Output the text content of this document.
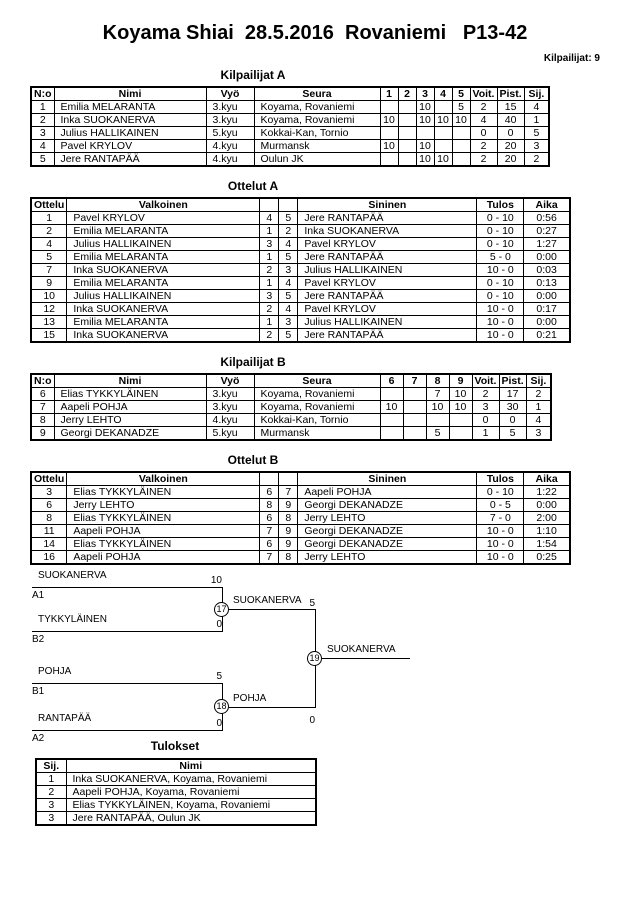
Koyama Shiai  28.5.2016  Rovaniemi   P13-42
Kilpailijat: 9
Kilpailijat A
N:o	Nimi	Vyö	Seura	1	2	3	4	5	Voit.	Pist.	Sij.
1	Emilia MELARANTA	3.kyu	Koyama, Rovaniemi			10		5	2	15	4
2	Inka SUOKANERVA	3.kyu	Koyama, Rovaniemi	10		10	10	10	4	40	1
3	Julius HALLIKAINEN	5.kyu	Kokkai-Kan, Tornio						0	0	5
4	Pavel KRYLOV	4.kyu	Murmansk	10		10			2	20	3
5	Jere RANTAPÄÄ	4.kyu	Oulun JK			10	10		2	20	2
Ottelut A
Ottelu	Valkoinen			Sininen	Tulos	Aika
1	Pavel KRYLOV	4	5	Jere RANTAPÄÄ	0 - 10	0:56
2	Emilia MELARANTA	1	2	Inka SUOKANERVA	0 - 10	0:27
4	Julius HALLIKAINEN	3	4	Pavel KRYLOV	0 - 10	1:27
5	Emilia MELARANTA	1	5	Jere RANTAPÄÄ	5 - 0	0:00
7	Inka SUOKANERVA	2	3	Julius HALLIKAINEN	10 - 0	0:03
9	Emilia MELARANTA	1	4	Pavel KRYLOV	0 - 10	0:13
10	Julius HALLIKAINEN	3	5	Jere RANTAPÄÄ	0 - 10	0:00
12	Inka SUOKANERVA	2	4	Pavel KRYLOV	10 - 0	0:17
13	Emilia MELARANTA	1	3	Julius HALLIKAINEN	10 - 0	0:00
15	Inka SUOKANERVA	2	5	Jere RANTAPÄÄ	10 - 0	0:21
Kilpailijat B
N:o	Nimi	Vyö	Seura	6	7	8	9	Voit.	Pist.	Sij.
6	Elias TYKKYLÄINEN	3.kyu	Koyama, Rovaniemi			7	10	2	17	2
7	Aapeli POHJA	3.kyu	Koyama, Rovaniemi	10		10	10	3	30	1
8	Jerry LEHTO	4.kyu	Kokkai-Kan, Tornio					0	0	4
9	Georgi DEKANADZE	5.kyu	Murmansk			5		1	5	3
Ottelut B
Ottelu	Valkoinen			Sininen	Tulos	Aika
3	Elias TYKKYLÄINEN	6	7	Aapeli POHJA	0 - 10	1:22
6	Jerry LEHTO	8	9	Georgi DEKANADZE	0 - 5	0:00
8	Elias TYKKYLÄINEN	6	8	Jerry LEHTO	7 - 0	2:00
11	Aapeli POHJA	7	9	Georgi DEKANADZE	10 - 0	1:10
14	Elias TYKKYLÄINEN	6	9	Georgi DEKANADZE	10 - 0	1:54
16	Aapeli POHJA	7	8	Jerry LEHTO	10 - 0	0:25
SUOKANERVA
A1
10
TYKKYLÄINEN
B2
0
17
SUOKANERVA 5
POHJA
B1
5
RANTAPÄÄ
A2
0
18
POHJA
0
19
SUOKANERVA
Tulokset
Sij.	Nimi
1	Inka SUOKANERVA, Koyama, Rovaniemi
2	Aapeli POHJA, Koyama, Rovaniemi
3	Elias TYKKYLÄINEN, Koyama, Rovaniemi
3	Jere RANTAPÄÄ, Oulun JK
